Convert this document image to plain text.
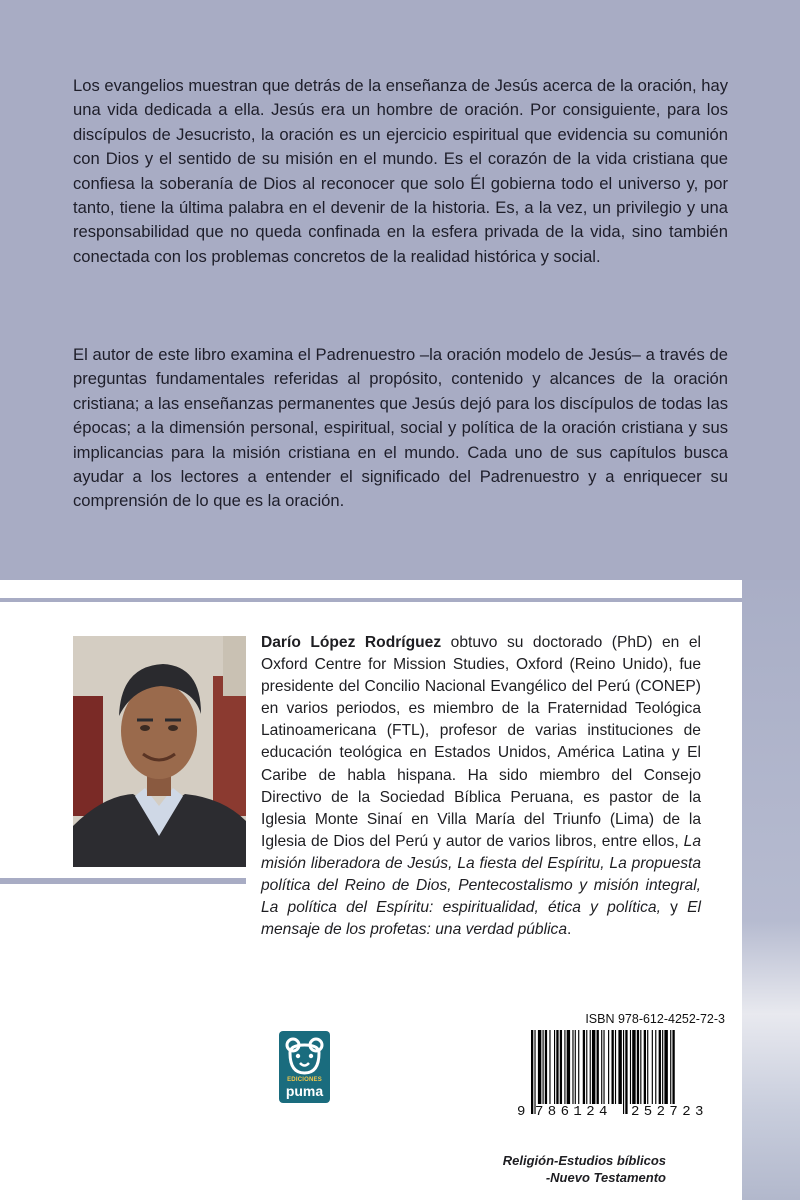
Los evangelios muestran que detrás de la enseñanza de Jesús acerca de la oración, hay una vida dedicada a ella. Jesús era un hombre de oración. Por consiguiente, para los discípulos de Jesucristo, la oración es un ejercicio espiritual que evidencia su comunión con Dios y el sentido de su misión en el mundo. Es el corazón de la vida cristiana que confiesa la soberanía de Dios al reconocer que solo Él gobierna todo el universo y, por tanto, tiene la última palabra en el devenir de la historia. Es, a la vez, un privilegio y una responsabilidad que no queda confinada en la esfera privada de la vida, sino también conectada con los problemas concretos de la realidad histórica y social.

El autor de este libro examina el Padrenuestro –la oración modelo de Jesús– a través de preguntas fundamentales referidas al propósito, contenido y alcances de la oración cristiana; a las enseñanzas permanentes que Jesús dejó para los discípulos de todas las épocas; a la dimensión personal, espiritual, social y política de la oración cristiana y sus implicancias para la misión cristiana en el mundo. Cada uno de sus capítulos busca ayudar a los lectores a entender el significado del Padrenuestro y a enriquecer su comprensión de lo que es la oración.

Darío López Rodríguez obtuvo su doctorado (PhD) en el Oxford Centre for Mission Studies, Oxford (Reino Unido), fue presidente del Concilio Nacional Evangélico del Perú (CONEP) en varios periodos, es miembro de la Fraternidad Teológica Latinoamericana (FTL), profesor de varias instituciones de educación teológica en Estados Unidos, América Latina y El Caribe de habla hispana. Ha sido miembro del Consejo Directivo de la Sociedad Bíblica Peruana, es pastor de la Iglesia Monte Sinaí en Villa María del Triunfo (Lima) de la Iglesia de Dios del Perú y autor de varios libros, entre ellos, La misión liberadora de Jesús, La fiesta del Espíritu, La propuesta política del Reino de Dios, Pentecostalismo y misión integral, La política del Espíritu: espiritualidad, ética y política, y El mensaje de los profetas: una verdad pública.

EDICIONES
puma
ISBN 978-612-4252-72-3
9 786124 252723
Religión-Estudios bíblicos
-Nuevo Testamento
